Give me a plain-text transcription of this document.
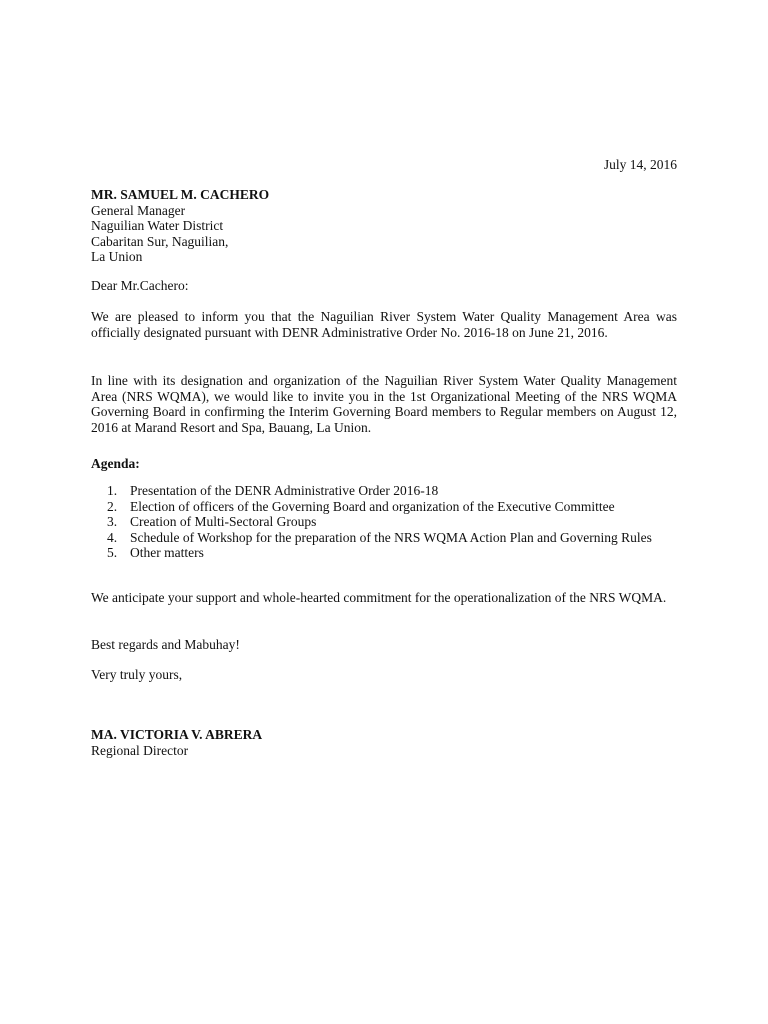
July 14, 2016
MR. SAMUEL M. CACHERO
General Manager
Naguilian Water District
Cabaritan Sur, Naguilian,
La Union
Dear Mr.Cachero:
We are pleased to inform you that the Naguilian River System Water Quality Management Area was officially designated pursuant with DENR Administrative Order No. 2016-18 on June 21, 2016.
In line with its designation and organization of the Naguilian River System Water Quality Management Area (NRS WQMA), we would like to invite you in the 1st Organizational Meeting of the NRS WQMA Governing Board in confirming the Interim Governing Board members to Regular members on August 12, 2016 at Marand Resort and Spa, Bauang, La Union.
Agenda:
1. Presentation of the DENR Administrative Order 2016-18
2. Election of officers of the Governing Board and organization of the Executive Committee
3. Creation of Multi-Sectoral Groups
4. Schedule of Workshop for the preparation of the NRS WQMA Action Plan and Governing Rules
5. Other matters
We anticipate your support and whole-hearted commitment for the operationalization of the NRS WQMA.
Best regards and Mabuhay!
Very truly yours,
MA. VICTORIA V. ABRERA
Regional Director
